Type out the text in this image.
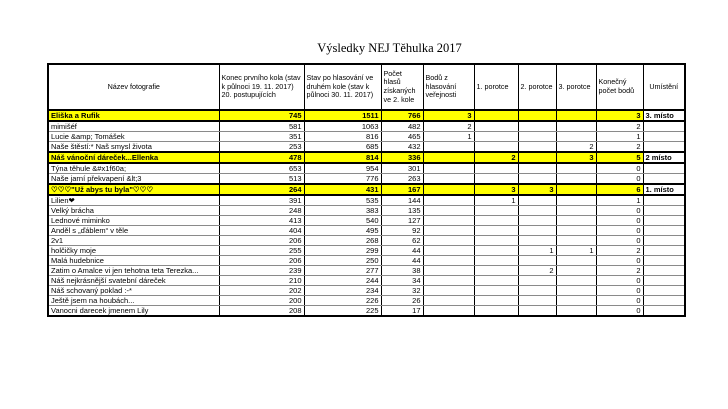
Výsledky NEJ Těhulka 2017
Název fotografie	Konec prvního kola (stav k půlnoci 19. 11. 2017) 20. postupujících	Stav po hlasování ve druhém kole (stav k půlnoci 30. 11. 2017)	Počet hlasů získaných ve 2. kole	Bodů z hlasování veřejnosti	1. porotce	2. porotce	3. porotce	Konečný počet bodů	Umístění
Eliška a Rufik	745	1511	766	3				3	3. místo
mimišéf	581	1063	482	2				2	
Lucie &amp; Tomášek	351	816	465	1				1	
Naše štěstí:* Naš smysl života	253	685	432				2	2	
Náš vánoční dáreček...Ellenka	478	814	336		2		3	5	2 místo
Týna těhule &#x1f60a;	653	954	301					0	
Naše jarní překvapení &lt;3	513	776	263					0	
♡♡♡"Už abys tu byla"♡♡♡	264	431	167		3	3		6	1. místo
Lilien❤	391	535	144		1			1	
Velký brácha	248	383	135					0	
Lednové miminko	413	540	127					0	
Anděl s „ďáblem“ v těle	404	495	92					0	
2v1	206	268	62					0	
holčičky moje	255	299	44			1	1	2	
Malá hudebnice	206	250	44					0	
Zatim o Amalce vi jen tehotna teta Terezka...	239	277	38			2		2	
Náš nejkrásnější svatební dáreček	210	244	34					0	
Náš schovaný poklad :-*	202	234	32					0	
Ještě jsem na houbách...	200	226	26					0	
Vanocni darecek jmenem Lily	208	225	17					0	
